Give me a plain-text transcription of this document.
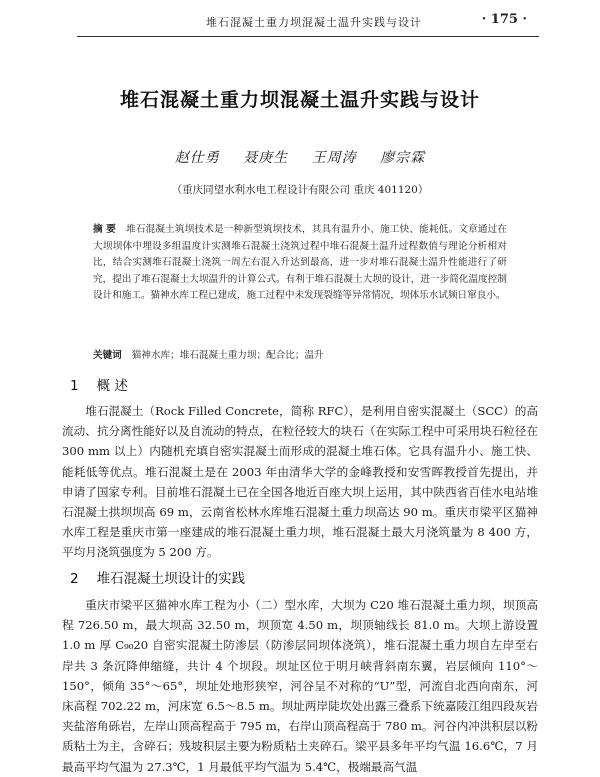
堆石混凝土重力坝混凝土温升实践与设计	· 175 ·
堆石混凝土重力坝混凝土温升实践与设计
赵仕勇 聂庚生 王周涛 廖宗霖
（重庆同望水利水电工程设计有限公司 重庆 401120）
摘 要 堆石混凝土筑坝技术是一种新型筑坝技术，其具有温升小、施工快、能耗低。文章通过在大坝坝体中埋设多组温度计实测堆石混凝土浇筑过程中堆石混凝土温升过程数值与理论分析相对比，结合实测堆石混凝土浇筑一周左右混入升达到最高，进一步对堆石混凝土温升性能进行了研究，提出了堆石混凝土大坝温升的计算公式。有利于堆石混凝土大坝的设计，进一步简化温度控制设计和施工。猫神水库工程已建成，施工过程中未发现裂缝等异常情况，坝体乐水试频日窜良小。
关键词 猫神水库；堆石混凝土重力坝；配合比；温升
1 概 述
堆石混凝土（Rock Filled Concrete，简称 RFC），是利用自密实混凝土（SCC）的高流动、抗分离性能好以及自流动的特点，在粒径较大的块石（在实际工程中可采用块石粒径在 300 mm 以上）内随机充填自密实混凝土而形成的混凝土堆石体。它具有温升小、施工快、能耗低等优点。堆石混凝土是在 2003 年由清华大学的金峰教授和安雪晖教授首先提出，并申请了国家专利。目前堆石混凝土已在全国各地近百座大坝上运用，其中陕西省百佳水电站堆石混凝土拱坝坝高 69 m，云南省松林水库堆石混凝土重力坝高达 90 m。重庆市梁平区猫神水库工程是重庆市第一座建成的堆石混凝土重力坝，堆石混凝土最大月浇筑量为 8 400 方，平均月浇筑强度为 5 200 方。
2 堆石混凝土坝设计的实践
重庆市梁平区猫神水库工程为小（二）型水库，大坝为 C20 堆石混凝土重力坝，坝顶高程 726.50 m，最大坝高 32.50 m，坝顶宽 4.50 m，坝顶轴线长 81.0 m。大坝上游设置 1.0 m 厚 C₉₀20 自密实混凝土防渗层（防渗层同坝体浇筑），堆石混凝土重力坝自左岸至右岸共 3 条沉降伸缩缝，共计 4 个坝段。坝址区位于明月峡背斜南东翼，岩层倾向 110°～150°，倾角 35°～65°，坝址处地形狭窄，河谷呈不对称的“U”型，河流自北西向南东，河床高程 702.22 m，河床宽 6.5～8.5 m。坝址两岸陡坎处出露三叠系下统嘉陵江组四段灰岩夹盐溶角砾岩，左岸山顶高程高于 795 m，右岸山顶高程高于 780 m。河谷内冲洪积层以粉质粘土为主，含碎石；残坡积层主要为粉质粘土夹碎石。梁平县多年平均气温 16.6℃，7 月最高平均气温为 27.3℃，1 月最低平均气温为 5.4℃，极端最高气温
